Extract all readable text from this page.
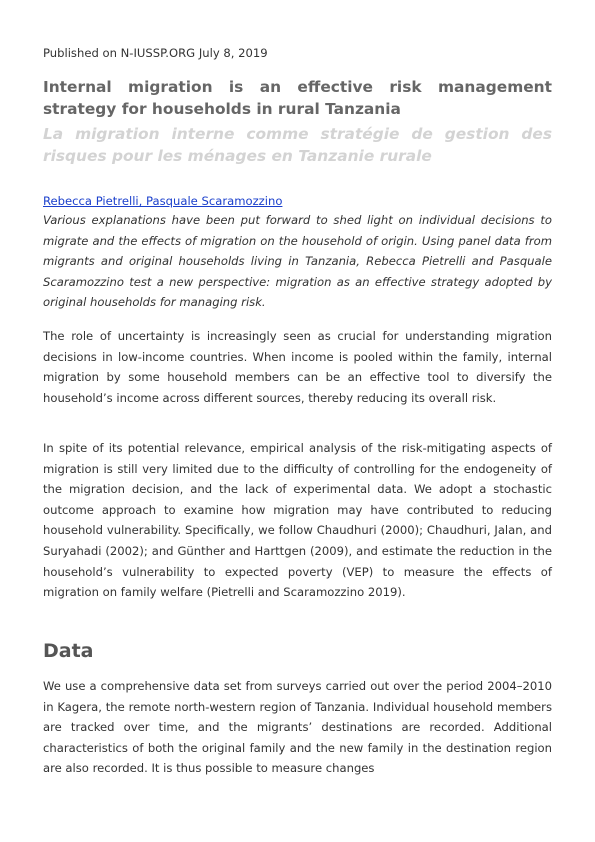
Published on N-IUSSP.ORG July 8, 2019
Internal migration is an effective risk management strategy for households in rural Tanzania
La migration interne comme stratégie de gestion des risques pour les ménages en Tanzanie rurale
Rebecca Pietrelli, Pasquale Scaramozzino
Various explanations have been put forward to shed light on individual decisions to migrate and the effects of migration on the household of origin. Using panel data from migrants and original households living in Tanzania, Rebecca Pietrelli and Pasquale Scaramozzino test a new perspective: migration as an effective strategy adopted by original households for managing risk.
The role of uncertainty is increasingly seen as crucial for understanding migration decisions in low-income countries. When income is pooled within the family, internal migration by some household members can be an effective tool to diversify the household’s income across different sources, thereby reducing its overall risk.
In spite of its potential relevance, empirical analysis of the risk-mitigating aspects of migration is still very limited due to the difficulty of controlling for the endogeneity of the migration decision, and the lack of experimental data. We adopt a stochastic outcome approach to examine how migration may have contributed to reducing household vulnerability. Specifically, we follow Chaudhuri (2000); Chaudhuri, Jalan, and Suryahadi (2002); and Günther and Harttgen (2009), and estimate the reduction in the household’s vulnerability to expected poverty (VEP) to measure the effects of migration on family welfare (Pietrelli and Scaramozzino 2019).
Data
We use a comprehensive data set from surveys carried out over the period 2004–2010 in Kagera, the remote north-western region of Tanzania. Individual household members are tracked over time, and the migrants’ destinations are recorded. Additional characteristics of both the original family and the new family in the destination region are also recorded. It is thus possible to measure changes
